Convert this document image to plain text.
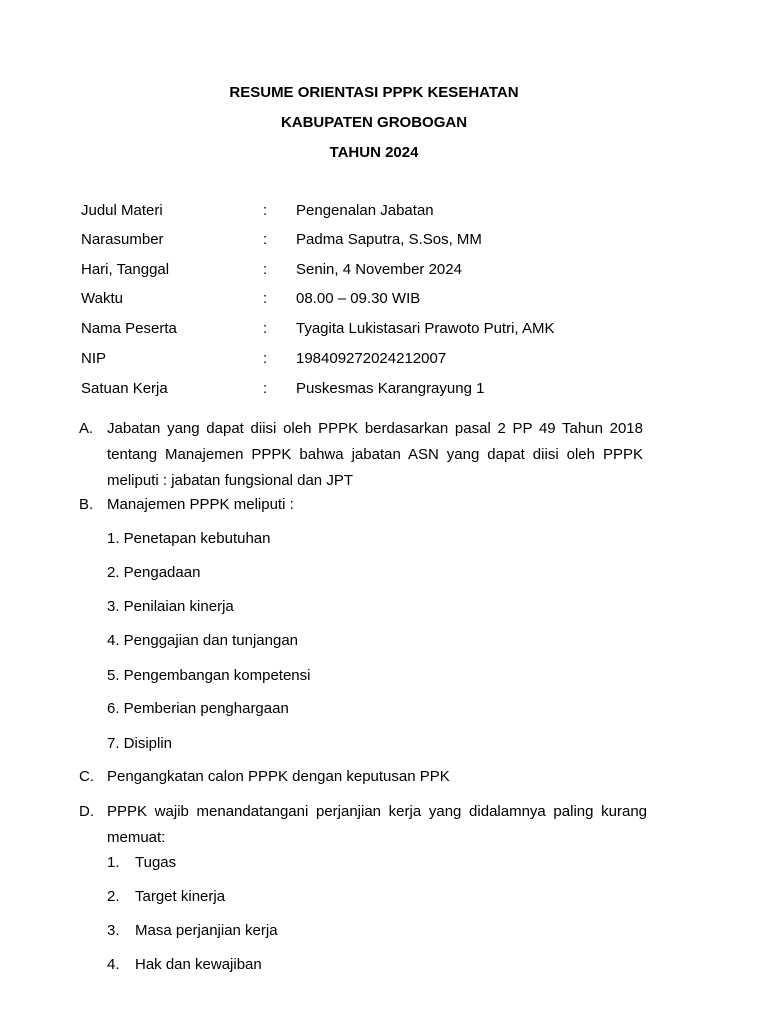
RESUME ORIENTASI PPPK KESEHATAN
KABUPATEN GROBOGAN
TAHUN 2024
Judul Materi	: Pengenalan Jabatan
Narasumber	: Padma Saputra, S.Sos, MM
Hari, Tanggal	: Senin, 4 November 2024
Waktu	: 08.00 – 09.30 WIB
Nama Peserta	: Tyagita Lukistasari Prawoto Putri, AMK
NIP	: 198409272024212007
Satuan Kerja	: Puskesmas Karangrayung 1
A. Jabatan yang dapat diisi oleh PPPK berdasarkan pasal 2 PP 49 Tahun 2018 tentang Manajemen PPPK bahwa jabatan ASN yang dapat diisi oleh PPPK meliputi : jabatan fungsional dan JPT
B. Manajemen PPPK meliputi :
1. Penetapan kebutuhan
2. Pengadaan
3. Penilaian kinerja
4. Penggajian dan tunjangan
5. Pengembangan kompetensi
6. Pemberian penghargaan
7. Disiplin
C. Pengangkatan calon PPPK dengan keputusan PPK
D. PPPK wajib menandatangani perjanjian kerja yang didalamnya paling kurang memuat:
1. Tugas
2. Target kinerja
3. Masa perjanjian kerja
4. Hak dan kewajiban
